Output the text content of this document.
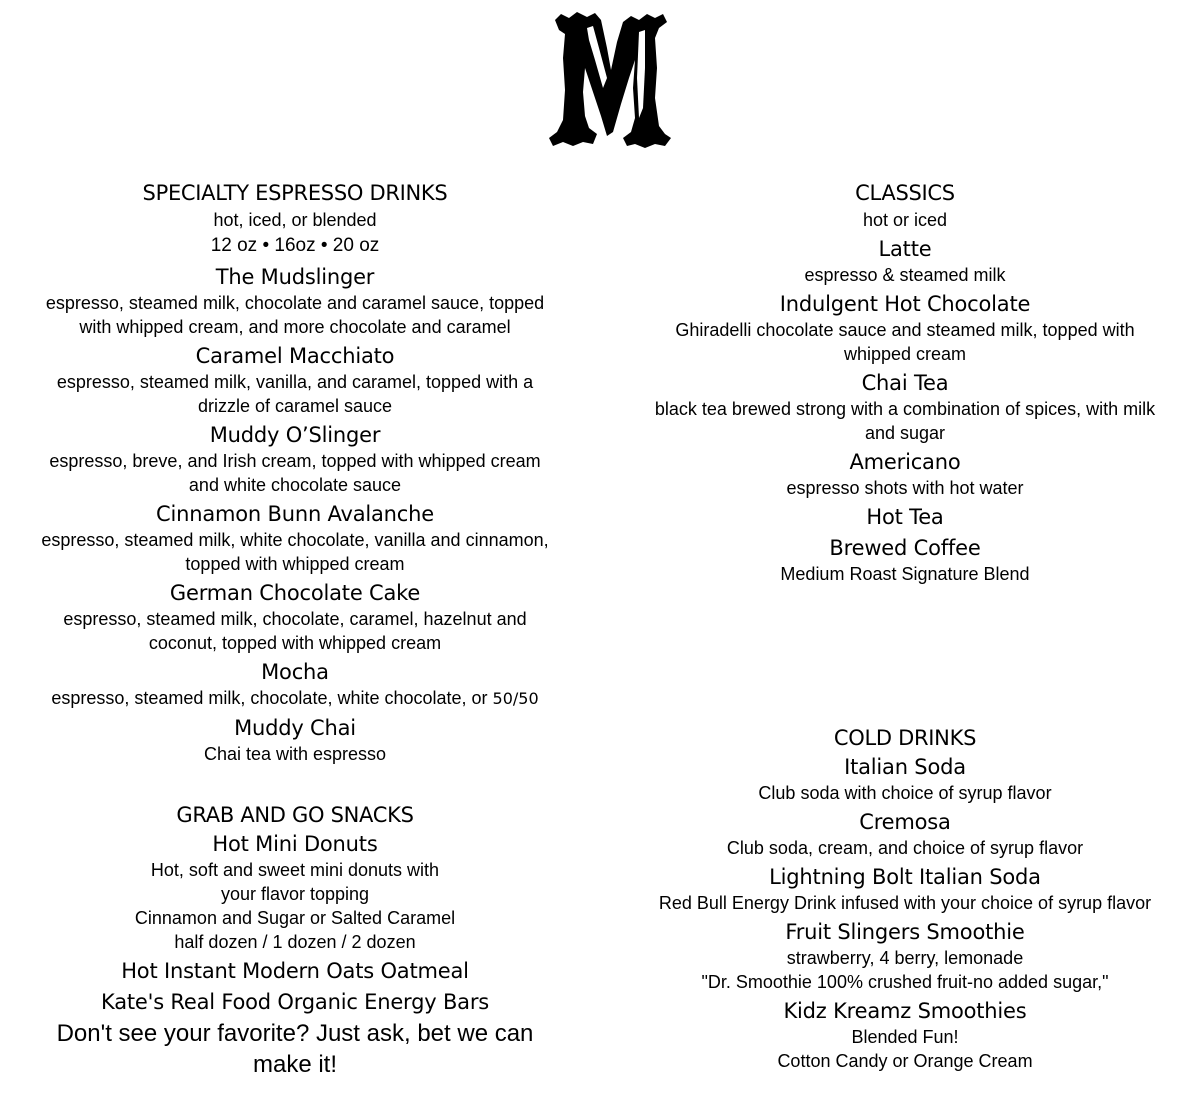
SPECIALTY ESPRESSO DRINKS
hot, iced, or blended
12 oz • 16oz • 20 oz
The Mudslinger
espresso, steamed milk, chocolate and caramel sauce, topped
with whipped cream, and more chocolate and caramel
Caramel Macchiato
espresso, steamed milk, vanilla, and caramel, topped with a
drizzle of caramel sauce
Muddy O’Slinger
espresso, breve, and Irish cream, topped with whipped cream
and white chocolate sauce
Cinnamon Bunn Avalanche
espresso, steamed milk, white chocolate, vanilla and cinnamon,
topped with whipped cream
German Chocolate Cake
espresso, steamed milk, chocolate, caramel, hazelnut and
coconut, topped with whipped cream
Mocha
espresso, steamed milk, chocolate, white chocolate, or 50/50
Muddy Chai
Chai tea with espresso
GRAB AND GO SNACKS
Hot Mini Donuts
Hot, soft and sweet mini donuts with
your flavor topping
Cinnamon and Sugar or Salted Caramel
half dozen / 1 dozen / 2 dozen
Hot Instant Modern Oats Oatmeal
Kate's Real Food Organic Energy Bars
Don't see your favorite? Just ask, bet we can
make it!
CLASSICS
hot or iced
Latte
espresso & steamed milk
Indulgent Hot Chocolate
Ghiradelli chocolate sauce and steamed milk, topped with
whipped cream
Chai Tea
black tea brewed strong with a combination of spices, with milk
and sugar
Americano
espresso shots with hot water
Hot Tea
Brewed Coffee
Medium Roast Signature Blend
COLD DRINKS
Italian Soda
Club soda with choice of syrup flavor
Cremosa
Club soda, cream, and choice of syrup flavor
Lightning Bolt Italian Soda
Red Bull Energy Drink infused with your choice of syrup flavor
Fruit Slingers Smoothie
strawberry, 4 berry, lemonade
"Dr. Smoothie 100% crushed fruit-no added sugar,"
Kidz Kreamz Smoothies
Blended Fun!
Cotton Candy or Orange Cream
